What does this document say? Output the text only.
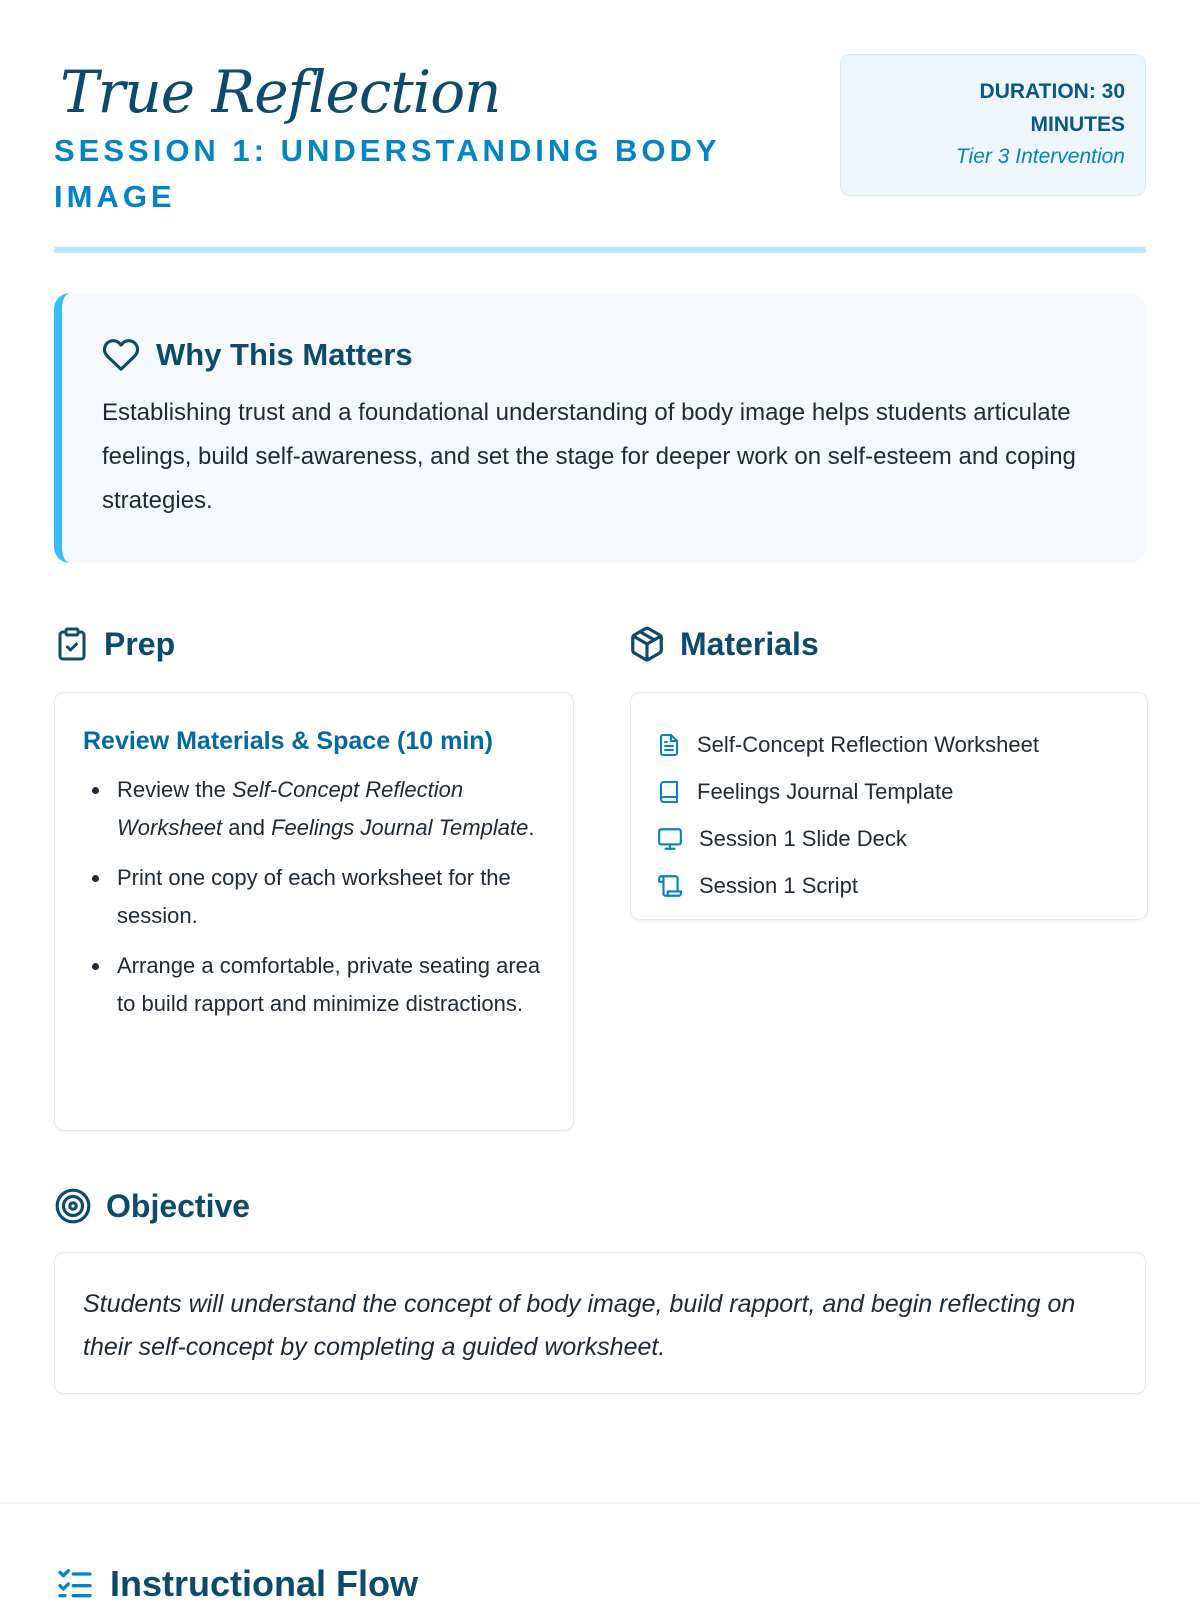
True Reflection
SESSION 1: UNDERSTANDING BODY IMAGE
DURATION: 30 MINUTES
Tier 3 Intervention
Why This Matters

Establishing trust and a foundational understanding of body image helps students articulate feelings, build self-awareness, and set the stage for deeper work on self-esteem and coping strategies.

Prep	Materials
Review Materials & Space (10 min)
Review the Self-Concept Reflection Worksheet and Feelings Journal Template.
Print one copy of each worksheet for the session.
Arrange a comfortable, private seating area to build rapport and minimize distractions.
Self-Concept Reflection Worksheet
Feelings Journal Template
Session 1 Slide Deck
Session 1 Script
Objective

Students will understand the concept of body image, build rapport, and begin reflecting on their self-concept by completing a guided worksheet.

Instructional Flow
